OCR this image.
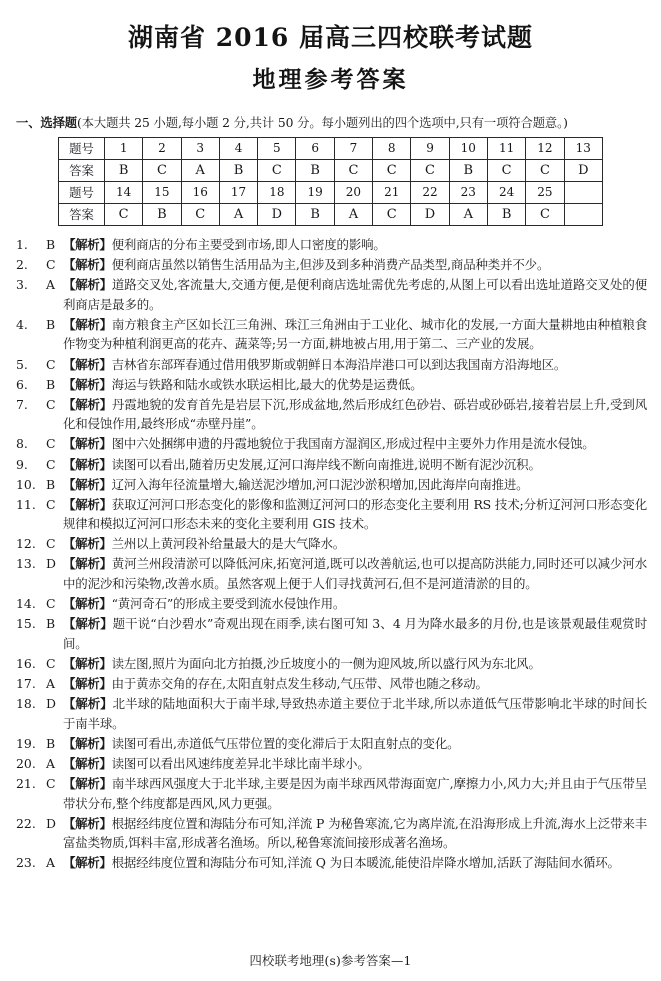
湖南省 2016 届高三四校联考试题
地理参考答案
一、选择题(本大题共 25 小题,每小题 2 分,共计 50 分。每小题列出的四个选项中,只有一项符合题意。)
题号	1	2	3	4	5	6	7	8	9	10	11	12	13
答案	B	C	A	B	C	B	C	C	C	B	C	C	D
题号	14	15	16	17	18	19	20	21	22	23	24	25	
答案	C	B	C	A	D	B	A	C	D	A	B	C	
1.	B 【解析】便利商店的分布主要受到市场,即人口密度的影响。
2.	C 【解析】便利商店虽然以销售生活用品为主,但涉及到多种消费产品类型,商品种类并不少。
3.	A 【解析】道路交叉处,客流量大,交通方便,是便利商店选址需优先考虑的,从图上可以看出选址道路交叉处的便利商店是最多的。
4.	B 【解析】南方粮食主产区如长江三角洲、珠江三角洲由于工业化、城市化的发展,一方面大量耕地由种植粮食作物变为种植利润更高的花卉、蔬菜等;另一方面,耕地被占用,用于第二、三产业的发展。
5.	C 【解析】吉林省东部珲春通过借用俄罗斯或朝鲜日本海沿岸港口可以到达我国南方沿海地区。
6.	B 【解析】海运与铁路和陆水或铁水联运相比,最大的优势是运费低。
7.	C 【解析】丹霞地貌的发育首先是岩层下沉,形成盆地,然后形成红色砂岩、砾岩或砂砾岩,接着岩层上升,受到风化和侵蚀作用,最终形成“赤壁丹崖”。
8.	C 【解析】图中六处捆绑申遗的丹霞地貌位于我国南方湿润区,形成过程中主要外力作用是流水侵蚀。
9.	C 【解析】读图可以看出,随着历史发展,辽河口海岸线不断向南推进,说明不断有泥沙沉积。
10. B 【解析】辽河入海年径流量增大,输送泥沙增加,河口泥沙淤积增加,因此海岸向南推进。
11. C 【解析】获取辽河河口形态变化的影像和监测辽河河口的形态变化主要利用 RS 技术;分析辽河河口形态变化规律和模拟辽河河口形态未来的变化主要利用 GIS 技术。
12. C 【解析】兰州以上黄河段补给量最大的是大气降水。
13. D 【解析】黄河兰州段清淤可以降低河床,拓宽河道,既可以改善航运,也可以提高防洪能力,同时还可以减少河水中的泥沙和污染物,改善水质。虽然客观上便于人们寻找黄河石,但不是河道清淤的目的。
14. C 【解析】“黄河奇石”的形成主要受到流水侵蚀作用。
15. B 【解析】题干说“白沙碧水”奇观出现在雨季,读右图可知 3、4 月为降水最多的月份,也是该景观最佳观赏时间。
16. C 【解析】读左图,照片为面向北方拍摄,沙丘坡度小的一侧为迎风坡,所以盛行风为东北风。
17. A 【解析】由于黄赤交角的存在,太阳直射点发生移动,气压带、风带也随之移动。
18. D 【解析】北半球的陆地面积大于南半球,导致热赤道主要位于北半球,所以赤道低气压带影响北半球的时间长于南半球。
19. B 【解析】读图可看出,赤道低气压带位置的变化滞后于太阳直射点的变化。
20. A 【解析】读图可以看出风速纬度差异北半球比南半球小。
21. C 【解析】南半球西风强度大于北半球,主要是因为南半球西风带海面宽广,摩擦力小,风力大;并且由于气压带呈带状分布,整个纬度都是西风,风力更强。
22. D 【解析】根据经纬度位置和海陆分布可知,洋流 P 为秘鲁寒流,它为离岸流,在沿海形成上升流,海水上泛带来丰富盐类物质,饵料丰富,形成著名渔场。所以,秘鲁寒流间接形成著名渔场。
23. A 【解析】根据经纬度位置和海陆分布可知,洋流 Q 为日本暖流,能使沿岸降水增加,活跃了海陆间水循环。
四校联考地理(s)参考答案—1
